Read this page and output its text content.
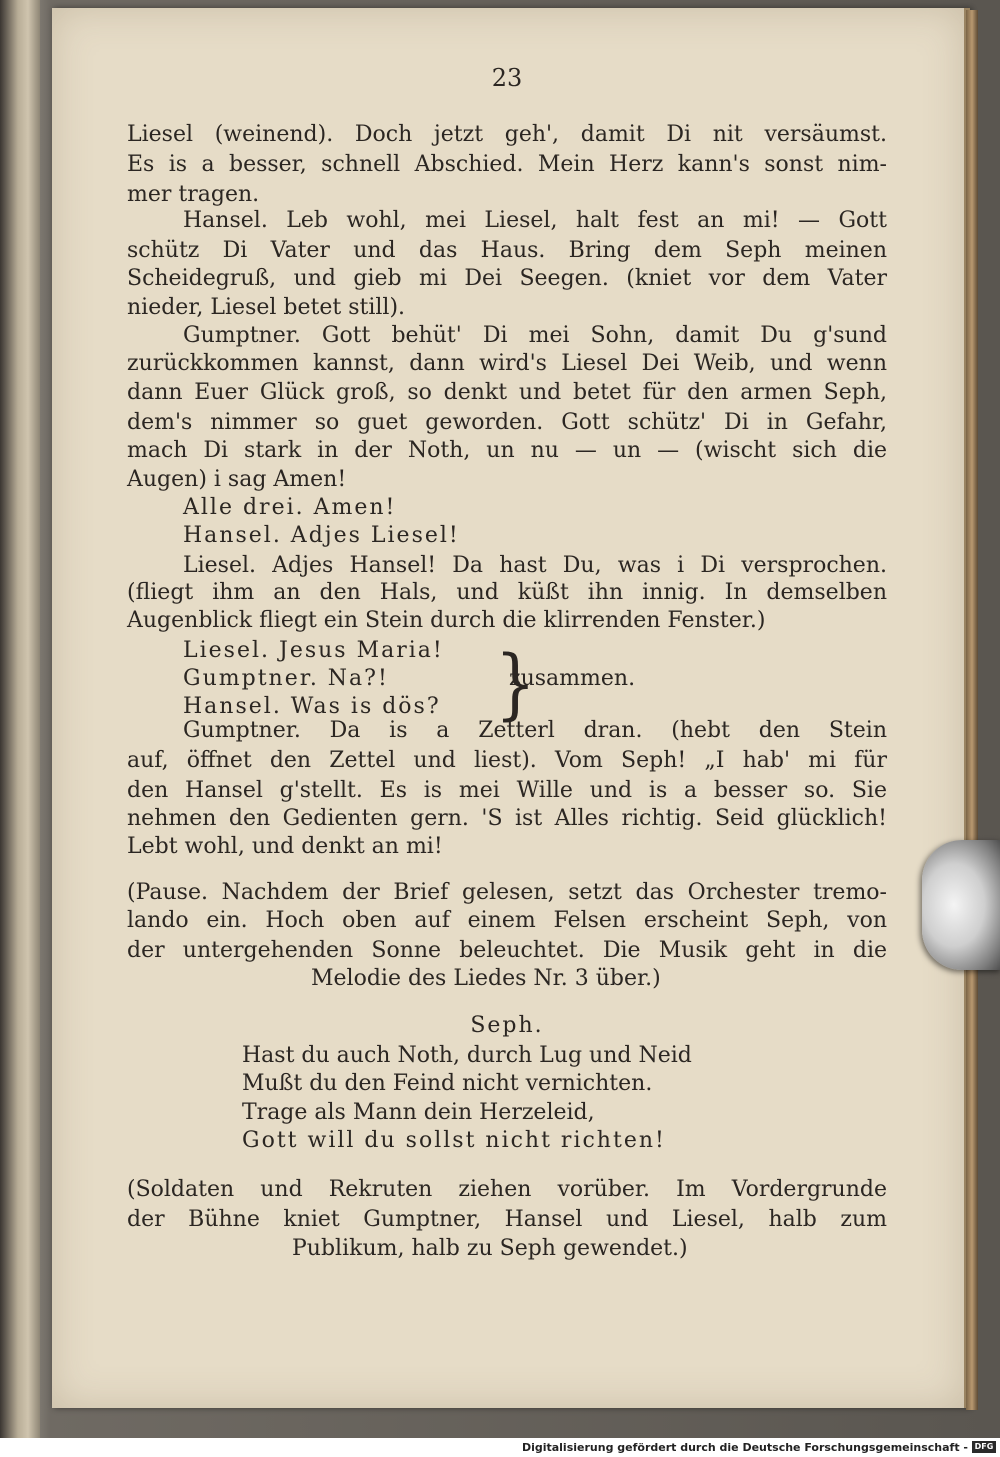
23
Liesel (weinend). Doch jetzt geh', damit Di nit versäumst.
Es is a besser, schnell Abschied. Mein Herz kann's sonst nim-
mer tragen.
Hansel. Leb wohl, mei Liesel, halt fest an mi! — Gott
schütz Di Vater und das Haus. Bring dem Seph meinen
Scheidegruß, und gieb mi Dei Seegen. (kniet vor dem Vater
nieder, Liesel betet still).
Gumptner. Gott behüt' Di mei Sohn, damit Du g'sund
zurückkommen kannst, dann wird's Liesel Dei Weib, und wenn
dann Euer Glück groß, so denkt und betet für den armen Seph,
dem's nimmer so guet geworden. Gott schütz' Di in Gefahr,
mach Di stark in der Noth, un nu — un — (wischt sich die
Augen) i sag Amen!
Alle drei. Amen!
Hansel. Adjes Liesel!
Liesel. Adjes Hansel! Da hast Du, was i Di versprochen.
(fliegt ihm an den Hals, und küßt ihn innig. In demselben
Augenblick fliegt ein Stein durch die klirrenden Fenster.)
Liesel. Jesus Maria!
Gumptner. Na?!
Hansel. Was is dös? }
zusammen.
Gumptner. Da is a Zetterl dran. (hebt den Stein
auf, öffnet den Zettel und liest). Vom Seph! „I hab' mi für
den Hansel g'stellt. Es is mei Wille und is a besser so. Sie
nehmen den Gedienten gern. 'S ist Alles richtig. Seid glücklich!
Lebt wohl, und denkt an mi!
(Pause. Nachdem der Brief gelesen, setzt das Orchester tremo-
lando ein. Hoch oben auf einem Felsen erscheint Seph, von
der untergehenden Sonne beleuchtet. Die Musik geht in die
Melodie des Liedes Nr. 3 über.)
Seph.
Hast du auch Noth, durch Lug und Neid
Mußt du den Feind nicht vernichten.
Trage als Mann dein Herzeleid,
Gott will du sollst nicht richten!
(Soldaten und Rekruten ziehen vorüber. Im Vordergrunde
der Bühne kniet Gumptner, Hansel und Liesel, halb zum
Publikum, halb zu Seph gewendet.)
Digitalisierung gefördert durch die Deutsche Forschungsgemeinschaft - DFG
